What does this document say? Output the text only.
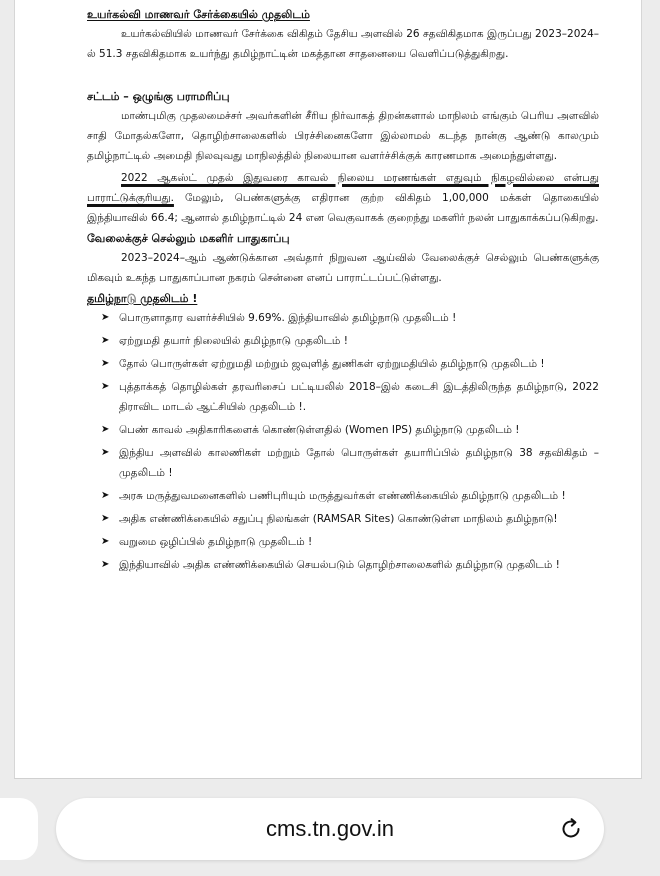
உயர்கல்வி மாணவர் சேர்க்கையில் முதலிடம்

உயர்கல்வியில் மாணவர் சேர்க்கை விகிதம் தேசிய அளவில் 26 சதவிகிதமாக இருப்பது 2023–2024–ல் 51.3 சதவிகிதமாக உயர்ந்து தமிழ்நாட்டின் மகத்தான சாதனையை வெளிப்படுத்துகிறது.

சட்டம் – ஒழுங்கு பராமரிப்பு

மாண்புமிகு முதலமைச்சர் அவர்களின் சீரிய நிர்வாகத் திறன்களால் மாநிலம் எங்கும் பெரிய அளவில் சாதி மோதல்களோ, தொழிற்சாலைகளில் பிரச்சினைகளோ இல்லாமல் கடந்த நான்கு ஆண்டு காலமும் தமிழ்நாட்டில் அமைதி நிலவுவது மாநிலத்தில் நிலையான வளர்ச்சிக்குக் காரணமாக அமைந்துள்ளது.

2022 ஆகஸ்ட் முதல் இதுவரை காவல் நிலைய மரணங்கள் எதுவும் நிகழவில்லை என்பது பாராட்டுக்குரியது. மேலும், பெண்களுக்கு எதிரான குற்ற விகிதம் 1,00,000 மக்கள் தொகையில் இந்தியாவில் 66.4; ஆனால் தமிழ்நாட்டில் 24 என வெகுவாகக் குறைந்து மகளிர் நலன் பாதுகாக்கப்படுகிறது.

வேலைக்குச் செல்லும் மகளிர் பாதுகாப்பு

2023–2024–ஆம் ஆண்டுக்கான அவ்தார் நிறுவன ஆய்வில் வேலைக்குச் செல்லும் பெண்களுக்கு மிகவும் உகந்த பாதுகாப்பான நகரம் சென்னை எனப் பாராட்டப்பட்டுள்ளது.

தமிழ்நாடு முதலிடம் !

➤ பொருளாதார வளர்ச்சியில் 9.69%. இந்தியாவில் தமிழ்நாடு முதலிடம் !
➤ ஏற்றுமதி தயார் நிலையில் தமிழ்நாடு முதலிடம் !
➤ தோல் பொருள்கள் ஏற்றுமதி மற்றும் ஜவுளித் துணிகள் ஏற்றுமதியில் தமிழ்நாடு முதலிடம் !
➤ புத்தாக்கத் தொழில்கள் தரவரிசைப் பட்டியலில் 2018–இல் கடைசி இடத்திலிருந்த தமிழ்நாடு, 2022 திராவிட மாடல் ஆட்சியில் முதலிடம் !.
➤ பெண் காவல் அதிகாரிகளைக் கொண்டுள்ளதில் (Women IPS) தமிழ்நாடு முதலிடம் !
➤ இந்திய அளவில் காலணிகள் மற்றும் தோல் பொருள்கள் தயாரிப்பில் தமிழ்நாடு 38 சதவிகிதம் – முதலிடம் !
➤ அரசு மருத்துவமனைகளில் பணிபுரியும் மருத்துவர்கள் எண்ணிக்கையில் தமிழ்நாடு முதலிடம் !
➤ அதிக எண்ணிக்கையில் சதுப்பு நிலங்கள் (RAMSAR Sites) கொண்டுள்ள மாநிலம் தமிழ்நாடு!
➤ வறுமை ஒழிப்பில் தமிழ்நாடு முதலிடம் !
➤ இந்தியாவில் அதிக எண்ணிக்கையில் செயல்படும் தொழிற்சாலைகளில் தமிழ்நாடு முதலிடம் !
cms.tn.gov.in
